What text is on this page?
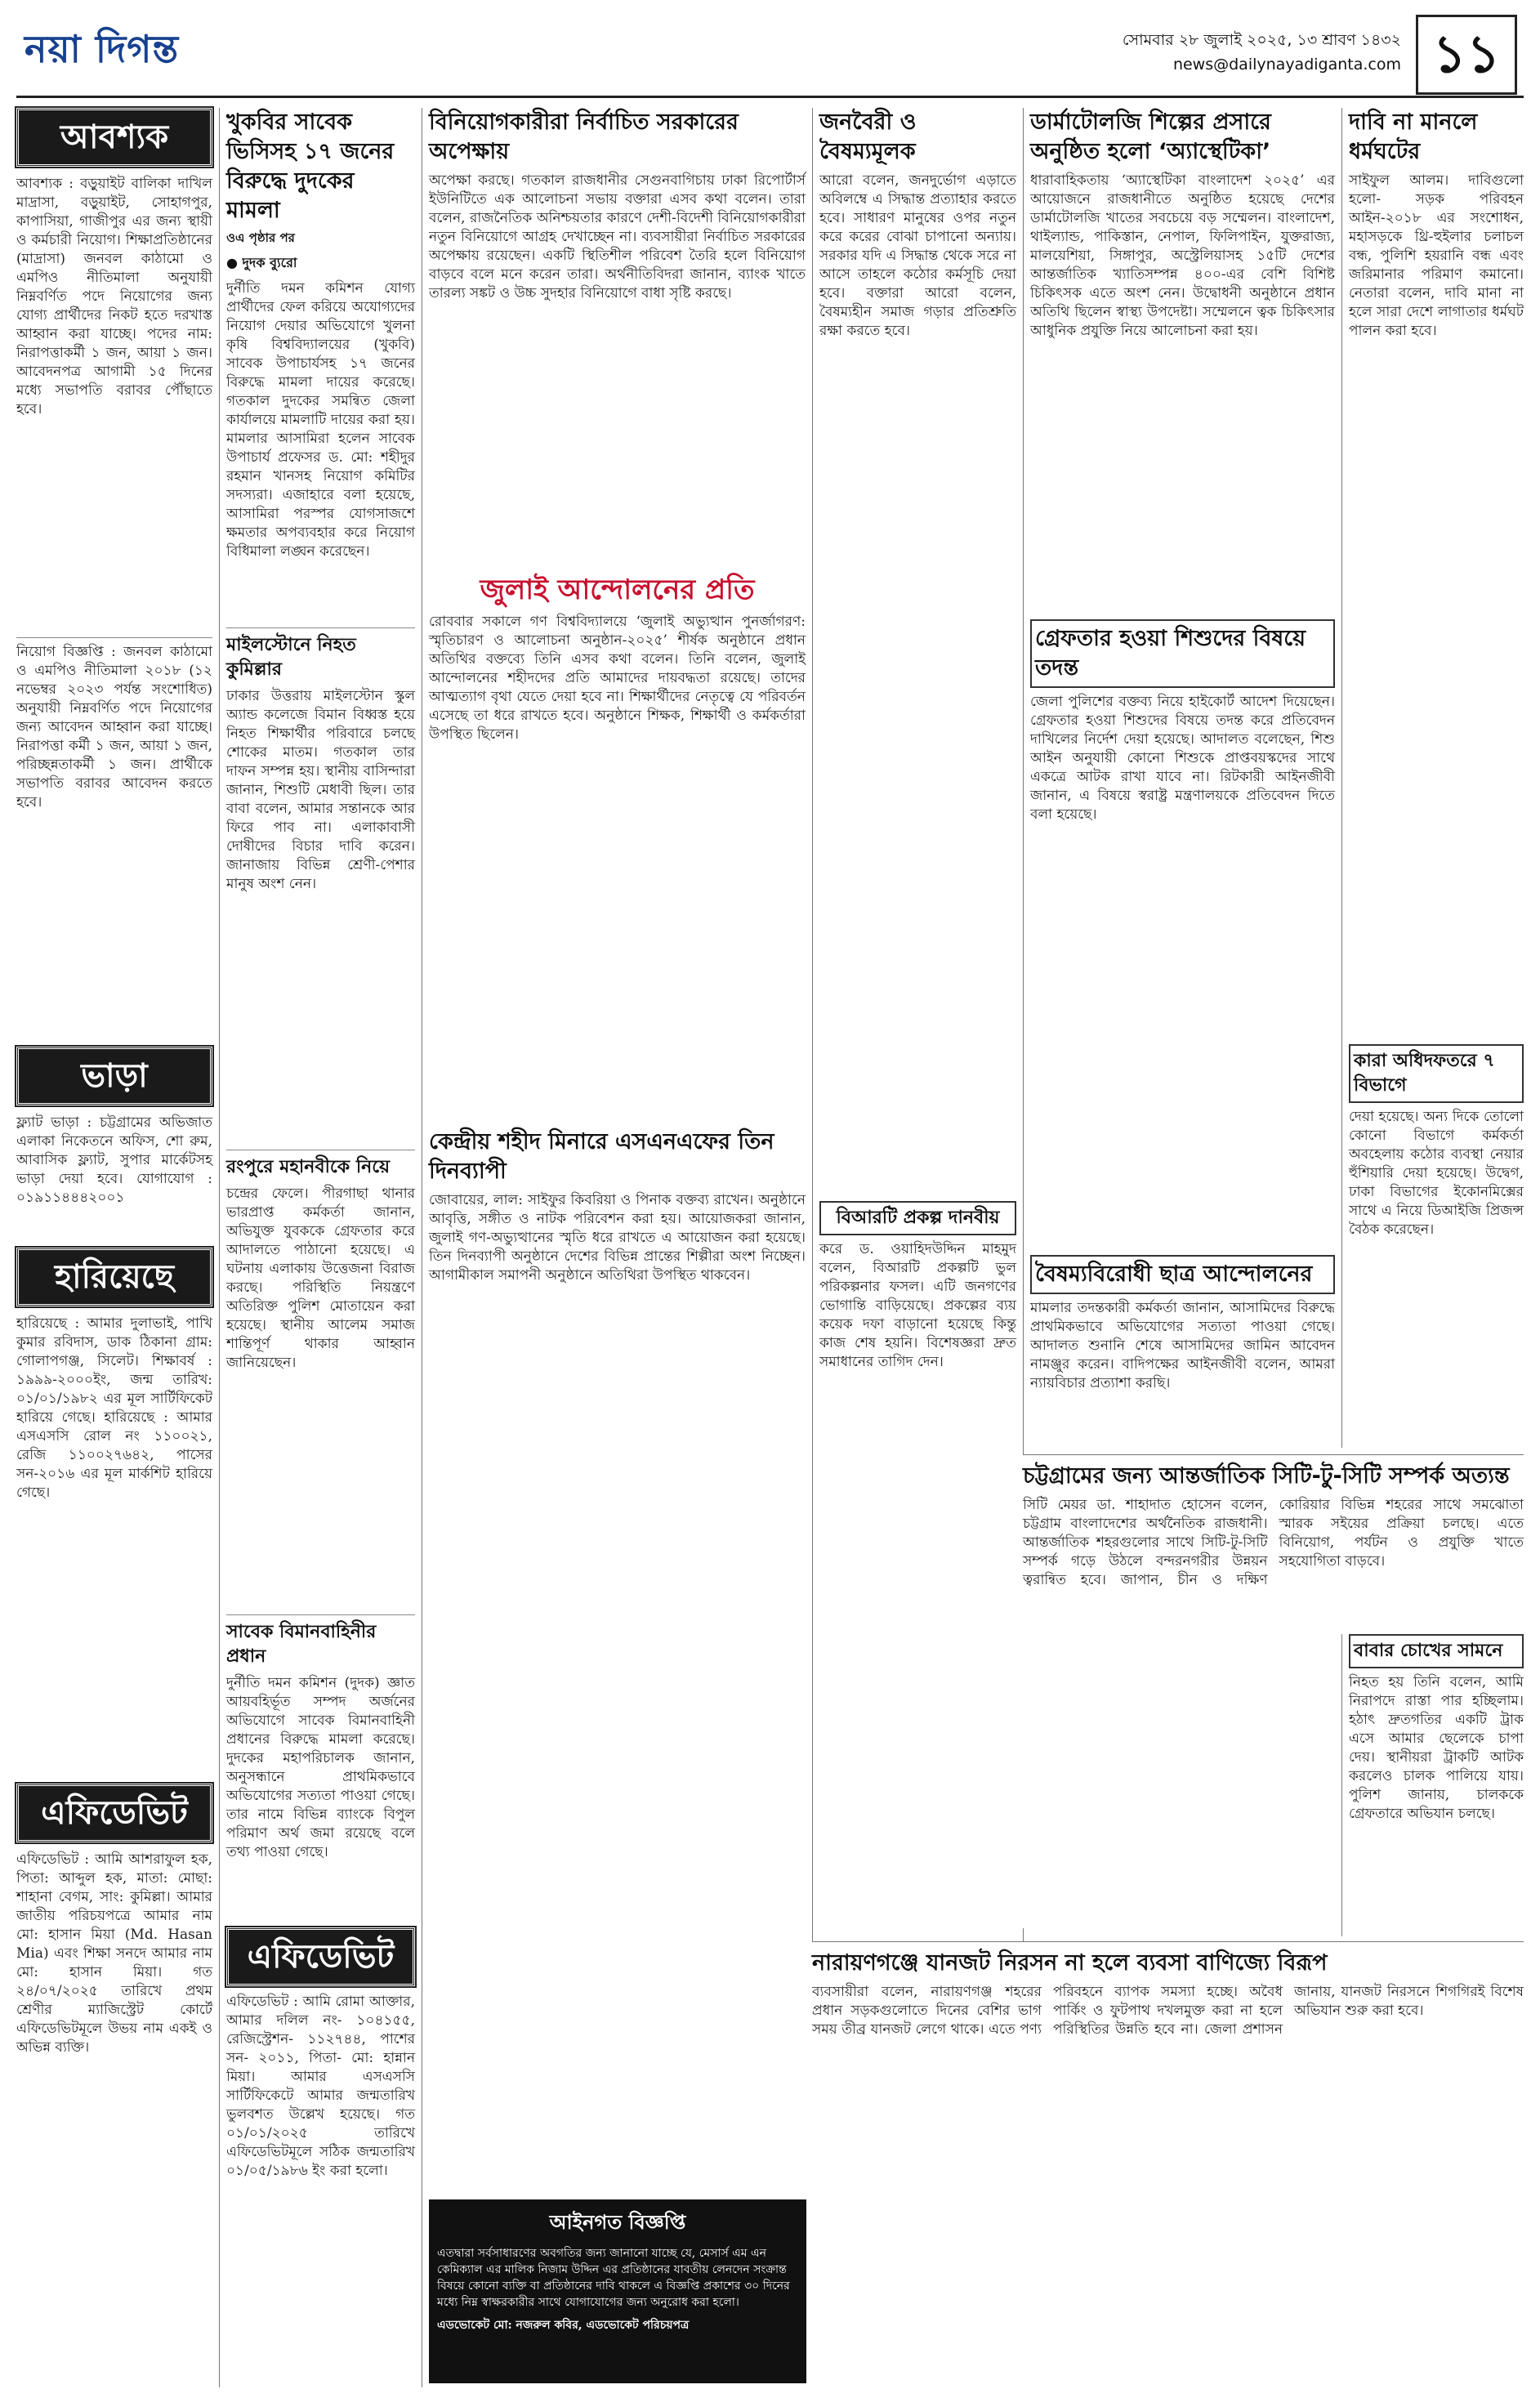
নয়া দিগন্ত	সোমবার ২৮ জুলাই ২০২৫, ১৩ শ্রাবণ ১৪৩২
news@dailynayadiganta.com ১১
আবশ্যক
আবশ্যক : বড়ুয়াইট বালিকা দাখিল মাদ্রাসা, বড়ুয়াইট, সোহাগপুর, কাপাসিয়া, গাজীপুর এর জন্য স্থায়ী ও কর্মচারী নিয়োগ। শিক্ষাপ্রতিষ্ঠানের (মাদ্রাসা) জনবল কাঠামো ও এমপিও নীতিমালা অনুযায়ী নিম্নবর্ণিত পদে নিয়োগের জন্য যোগ্য প্রার্থীদের নিকট হতে দরখাস্ত আহ্বান করা যাচ্ছে। পদের নাম: নিরাপত্তাকর্মী ১ জন, আয়া ১ জন। আবেদনপত্র আগামী ১৫ দিনের মধ্যে সভাপতি বরাবর পৌঁছাতে হবে।
নিয়োগ বিজ্ঞপ্তি : জনবল কাঠামো ও এমপিও নীতিমালা ২০১৮ (১২ নভেম্বর ২০২৩ পর্যন্ত সংশোধিত) অনুযায়ী নিম্নবর্ণিত পদে নিয়োগের জন্য আবেদন আহ্বান করা যাচ্ছে। নিরাপত্তা কর্মী ১ জন, আয়া ১ জন, পরিচ্ছন্নতাকর্মী ১ জন। প্রার্থীকে সভাপতি বরাবর আবেদন করতে হবে।
ভাড়া
ফ্ল্যাট ভাড়া : চট্টগ্রামের অভিজাত এলাকা নিকেতনে অফিস, শো রুম, আবাসিক ফ্ল্যাট, সুপার মার্কেটসহ ভাড়া দেয়া হবে। যোগাযোগ : ০১৯১১৪৪৪২০০১
হারিয়েছে
হারিয়েছে : আমার দুলাভাই, পাখি কুমার রবিদাস, ডাক ঠিকানা গ্রাম: গোলাপগঞ্জ, সিলেট। শিক্ষাবর্ষ : ১৯৯৯-২০০০ইং, জন্ম তারিখ: ০১/০১/১৯৮২ এর মূল সার্টিফিকেট হারিয়ে গেছে। হারিয়েছে : আমার এসএসসি রোল নং ১১০০২১, রেজি ১১০০২৭৬৪২, পাসের সন-২০১৬ এর মূল মার্কশিট হারিয়ে গেছে।
এফিডেভিট
এফিডেভিট : আমি আশরাফুল হক, পিতা: আব্দুল হক, মাতা: মোছা: শাহানা বেগম, সাং: কুমিল্লা। আমার জাতীয় পরিচয়পত্রে আমার নাম মো: হাসান মিয়া (Md. Hasan Mia) এবং শিক্ষা সনদে আমার নাম মো: হাসান মিয়া। গত ২৪/০৭/২০২৫ তারিখে প্রথম শ্রেণীর ম্যাজিস্ট্রেট কোর্টে এফিডেভিটমূলে উভয় নাম একই ও অভিন্ন ব্যক্তি।
খুকবির সাবেক ভিসিসহ ১৭ জনের বিরুদ্ধে দুদকের মামলা
ওএ পৃষ্ঠার পর
● দুদক ব্যুরো
দুর্নীতি দমন কমিশন যোগ্য প্রার্থীদের ফেল করিয়ে অযোগ্যদের নিয়োগ দেয়ার অভিযোগে খুলনা কৃষি বিশ্ববিদ্যালয়ের (খুকবি) সাবেক উপাচার্যসহ ১৭ জনের বিরুদ্ধে মামলা দায়ের করেছে। গতকাল দুদকের সমন্বিত জেলা কার্যালয়ে মামলাটি দায়ের করা হয়। মামলার আসামিরা হলেন সাবেক উপাচার্য প্রফেসর ড. মো: শহীদুর রহমান খানসহ নিয়োগ কমিটির সদস্যরা। এজাহারে বলা হয়েছে, আসামিরা পরস্পর যোগসাজশে ক্ষমতার অপব্যবহার করে নিয়োগ বিধিমালা লঙ্ঘন করেছেন।
মাইলস্টোনে নিহত কুমিল্লার
ঢাকার উত্তরায় মাইলস্টোন স্কুল অ্যান্ড কলেজে বিমান বিধ্বস্ত হয়ে নিহত শিক্ষার্থীর পরিবারে চলছে শোকের মাতম। গতকাল তার দাফন সম্পন্ন হয়। স্থানীয় বাসিন্দারা জানান, শিশুটি মেধাবী ছিল। তার বাবা বলেন, আমার সন্তানকে আর ফিরে পাব না। এলাকাবাসী দোষীদের বিচার দাবি করেন। জানাজায় বিভিন্ন শ্রেণী-পেশার মানুষ অংশ নেন।
রংপুরে মহানবীকে নিয়ে
চন্দ্রের ফেলে। পীরগাছা থানার ভারপ্রাপ্ত কর্মকর্তা জানান, অভিযুক্ত যুবককে গ্রেফতার করে আদালতে পাঠানো হয়েছে। এ ঘটনায় এলাকায় উত্তেজনা বিরাজ করছে। পরিস্থিতি নিয়ন্ত্রণে অতিরিক্ত পুলিশ মোতায়েন করা হয়েছে। স্থানীয় আলেম সমাজ শান্তিপূর্ণ থাকার আহ্বান জানিয়েছেন।
সাবেক বিমানবাহিনীর প্রধান
দুর্নীতি দমন কমিশন (দুদক) জ্ঞাত আয়বহির্ভূত সম্পদ অর্জনের অভিযোগে সাবেক বিমানবাহিনী প্রধানের বিরুদ্ধে মামলা করেছে। দুদকের মহাপরিচালক জানান, অনুসন্ধানে প্রাথমিকভাবে অভিযোগের সত্যতা পাওয়া গেছে। তার নামে বিভিন্ন ব্যাংকে বিপুল পরিমাণ অর্থ জমা রয়েছে বলে তথ্য পাওয়া গেছে।
এফিডেভিট
এফিডেভিট : আমি রোমা আক্তার, আমার দলিল নং- ১০৪১৫৫, রেজিস্ট্রেশন- ১১২৭৪৪, পাশের সন- ২০১১, পিতা- মো: হান্নান মিয়া। আমার এসএসসি সার্টিফিকেটে আমার জন্মতারিখ ভুলবশত উল্লেখ হয়েছে। গত ০১/০১/২০২৫ তারিখে এফিডেভিটমূলে সঠিক জন্মতারিখ ০১/০৫/১৯৮৬ ইং করা হলো।
বিনিয়োগকারীরা নির্বাচিত সরকারের অপেক্ষায়
অপেক্ষা করছে। গতকাল রাজধানীর সেগুনবাগিচায় ঢাকা রিপোর্টার্স ইউনিটিতে এক আলোচনা সভায় বক্তারা এসব কথা বলেন। তারা বলেন, রাজনৈতিক অনিশ্চয়তার কারণে দেশী-বিদেশী বিনিয়োগকারীরা নতুন বিনিয়োগে আগ্রহ দেখাচ্ছেন না। ব্যবসায়ীরা নির্বাচিত সরকারের অপেক্ষায় রয়েছেন। একটি স্থিতিশীল পরিবেশ তৈরি হলে বিনিয়োগ বাড়বে বলে মনে করেন তারা। অর্থনীতিবিদরা জানান, ব্যাংক খাতে তারল্য সঙ্কট ও উচ্চ সুদহার বিনিয়োগে বাধা সৃষ্টি করছে।
জুলাই আন্দোলনের প্রতি
রোববার সকালে গণ বিশ্ববিদ্যালয়ে ‘জুলাই অভ্যুত্থান পুনর্জাগরণ: স্মৃতিচারণ ও আলোচনা অনুষ্ঠান-২০২৫’ শীর্ষক অনুষ্ঠানে প্রধান অতিথির বক্তব্যে তিনি এসব কথা বলেন। তিনি বলেন, জুলাই আন্দোলনের শহীদদের প্রতি আমাদের দায়বদ্ধতা রয়েছে। তাদের আত্মত্যাগ বৃথা যেতে দেয়া হবে না। শিক্ষার্থীদের নেতৃত্বে যে পরিবর্তন এসেছে তা ধরে রাখতে হবে। অনুষ্ঠানে শিক্ষক, শিক্ষার্থী ও কর্মকর্তারা উপস্থিত ছিলেন।
কেন্দ্রীয় শহীদ মিনারে এসএনএফের তিন দিনব্যাপী
জোবায়ের, লাল: সাইফুর কিবরিয়া ও পিনাক বক্তব্য রাখেন। অনুষ্ঠানে আবৃত্তি, সঙ্গীত ও নাটক পরিবেশন করা হয়। আয়োজকরা জানান, জুলাই গণ-অভ্যুত্থানের স্মৃতি ধরে রাখতে এ আয়োজন করা হয়েছে। তিন দিনব্যাপী অনুষ্ঠানে দেশের বিভিন্ন প্রান্তের শিল্পীরা অংশ নিচ্ছেন। আগামীকাল সমাপনী অনুষ্ঠানে অতিথিরা উপস্থিত থাকবেন।
আইনগত বিজ্ঞপ্তি
এতদ্বারা সর্বসাধারণের অবগতির জন্য জানানো যাচ্ছে যে, মেসার্স এম এন কেমিক্যাল এর মালিক নিজাম উদ্দিন এর প্রতিষ্ঠানের যাবতীয় লেনদেন সংক্রান্ত বিষয়ে কোনো ব্যক্তি বা প্রতিষ্ঠানের দাবি থাকলে এ বিজ্ঞপ্তি প্রকাশের ৩০ দিনের মধ্যে নিম্ন স্বাক্ষরকারীর সাথে যোগাযোগের জন্য অনুরোধ করা হলো।
এডভোকেট মো: নজরুল কবির, এডভোকেট পরিচয়পত্র
জনবৈরী ও বৈষম্যমূলক
আরো বলেন, জনদুর্ভোগ এড়াতে অবিলম্বে এ সিদ্ধান্ত প্রত্যাহার করতে হবে। সাধারণ মানুষের ওপর নতুন করে করের বোঝা চাপানো অন্যায়। সরকার যদি এ সিদ্ধান্ত থেকে সরে না আসে তাহলে কঠোর কর্মসূচি দেয়া হবে। বক্তারা আরো বলেন, বৈষম্যহীন সমাজ গড়ার প্রতিশ্রুতি রক্ষা করতে হবে।
বিআরটি প্রকল্প দানবীয়
করে ড. ওয়াহিদউদ্দিন মাহমুদ বলেন, বিআরটি প্রকল্পটি ভুল পরিকল্পনার ফসল। এটি জনগণের ভোগান্তি বাড়িয়েছে। প্রকল্পের ব্যয় কয়েক দফা বাড়ানো হয়েছে কিন্তু কাজ শেষ হয়নি। বিশেষজ্ঞরা দ্রুত সমাধানের তাগিদ দেন।
ডার্মাটোলজি শিল্পের প্রসারে অনুষ্ঠিত হলো ‘অ্যাস্থেটিকা’
ধারাবাহিকতায় ‘অ্যাস্থেটিকা বাংলাদেশ ২০২৫’ এর আয়োজনে রাজধানীতে অনুষ্ঠিত হয়েছে দেশের ডার্মাটোলজি খাতের সবচেয়ে বড় সম্মেলন। বাংলাদেশ, থাইল্যান্ড, পাকিস্তান, নেপাল, ফিলিপাইন, যুক্তরাজ্য, মালয়েশিয়া, সিঙ্গাপুর, অস্ট্রেলিয়াসহ ১৫টি দেশের আন্তর্জাতিক খ্যাতিসম্পন্ন ৪০০-এর বেশি বিশিষ্ট চিকিৎসক এতে অংশ নেন। উদ্বোধনী অনুষ্ঠানে প্রধান অতিথি ছিলেন স্বাস্থ্য উপদেষ্টা। সম্মেলনে ত্বক চিকিৎসার আধুনিক প্রযুক্তি নিয়ে আলোচনা করা হয়।
গ্রেফতার হওয়া শিশুদের বিষয়ে তদন্ত
জেলা পুলিশের বক্তব্য নিয়ে হাইকোর্ট আদেশ দিয়েছেন। গ্রেফতার হওয়া শিশুদের বিষয়ে তদন্ত করে প্রতিবেদন দাখিলের নির্দেশ দেয়া হয়েছে। আদালত বলেছেন, শিশু আইন অনুযায়ী কোনো শিশুকে প্রাপ্তবয়স্কদের সাথে একত্রে আটক রাখা যাবে না। রিটকারী আইনজীবী জানান, এ বিষয়ে স্বরাষ্ট্র মন্ত্রণালয়কে প্রতিবেদন দিতে বলা হয়েছে।
বৈষম্যবিরোধী ছাত্র আন্দোলনের
মামলার তদন্তকারী কর্মকর্তা জানান, আসামিদের বিরুদ্ধে প্রাথমিকভাবে অভিযোগের সত্যতা পাওয়া গেছে। আদালত শুনানি শেষে আসামিদের জামিন আবেদন নামঞ্জুর করেন। বাদিপক্ষের আইনজীবী বলেন, আমরা ন্যায়বিচার প্রত্যাশা করছি।
চট্টগ্রামের জন্য আন্তর্জাতিক সিটি-টু-সিটি সম্পর্ক অত্যন্ত
সিটি মেয়র ডা. শাহাদাত হোসেন বলেন, চট্টগ্রাম বাংলাদেশের অর্থনৈতিক রাজধানী। আন্তর্জাতিক শহরগুলোর সাথে সিটি-টু-সিটি সম্পর্ক গড়ে উঠলে বন্দরনগরীর উন্নয়ন ত্বরান্বিত হবে। জাপান, চীন ও দক্ষিণ কোরিয়ার বিভিন্ন শহরের সাথে সমঝোতা স্মারক সইয়ের প্রক্রিয়া চলছে। এতে বিনিয়োগ, পর্যটন ও প্রযুক্তি খাতে সহযোগিতা বাড়বে।
নারায়ণগঞ্জে যানজট নিরসন না হলে ব্যবসা বাণিজ্যে বিরূপ
ব্যবসায়ীরা বলেন, নারায়ণগঞ্জ শহরের প্রধান সড়কগুলোতে দিনের বেশির ভাগ সময় তীব্র যানজট লেগে থাকে। এতে পণ্য পরিবহনে ব্যাপক সমস্যা হচ্ছে। অবৈধ পার্কিং ও ফুটপাথ দখলমুক্ত করা না হলে পরিস্থিতির উন্নতি হবে না। জেলা প্রশাসন জানায়, যানজট নিরসনে শিগগিরই বিশেষ অভিযান শুরু করা হবে।
দাবি না মানলে ধর্মঘটের
সাইফুল আলম। দাবিগুলো হলো- সড়ক পরিবহন আইন-২০১৮ এর সংশোধন, মহাসড়কে থ্রি-হুইলার চলাচল বন্ধ, পুলিশি হয়রানি বন্ধ এবং জরিমানার পরিমাণ কমানো। নেতারা বলেন, দাবি মানা না হলে সারা দেশে লাগাতার ধর্মঘট পালন করা হবে।
কারা অধিদফতরে ৭ বিভাগে
দেয়া হয়েছে। অন্য দিকে তোলো কোনো বিভাগে কর্মকর্তা অবহেলায় কঠোর ব্যবস্থা নেয়ার হুঁশিয়ারি দেয়া হয়েছে। উদ্বেগ, ঢাকা বিভাগের ইকোনমিক্সের সাথে এ নিয়ে ডিআইজি প্রিজন্স বৈঠক করেছেন।
বাবার চোখের সামনে
নিহত হয় তিনি বলেন, আমি নিরাপদে রাস্তা পার হচ্ছিলাম। হঠাৎ দ্রুতগতির একটি ট্রাক এসে আমার ছেলেকে চাপা দেয়। স্থানীয়রা ট্রাকটি আটক করলেও চালক পালিয়ে যায়। পুলিশ জানায়, চালককে গ্রেফতারে অভিযান চলছে।
